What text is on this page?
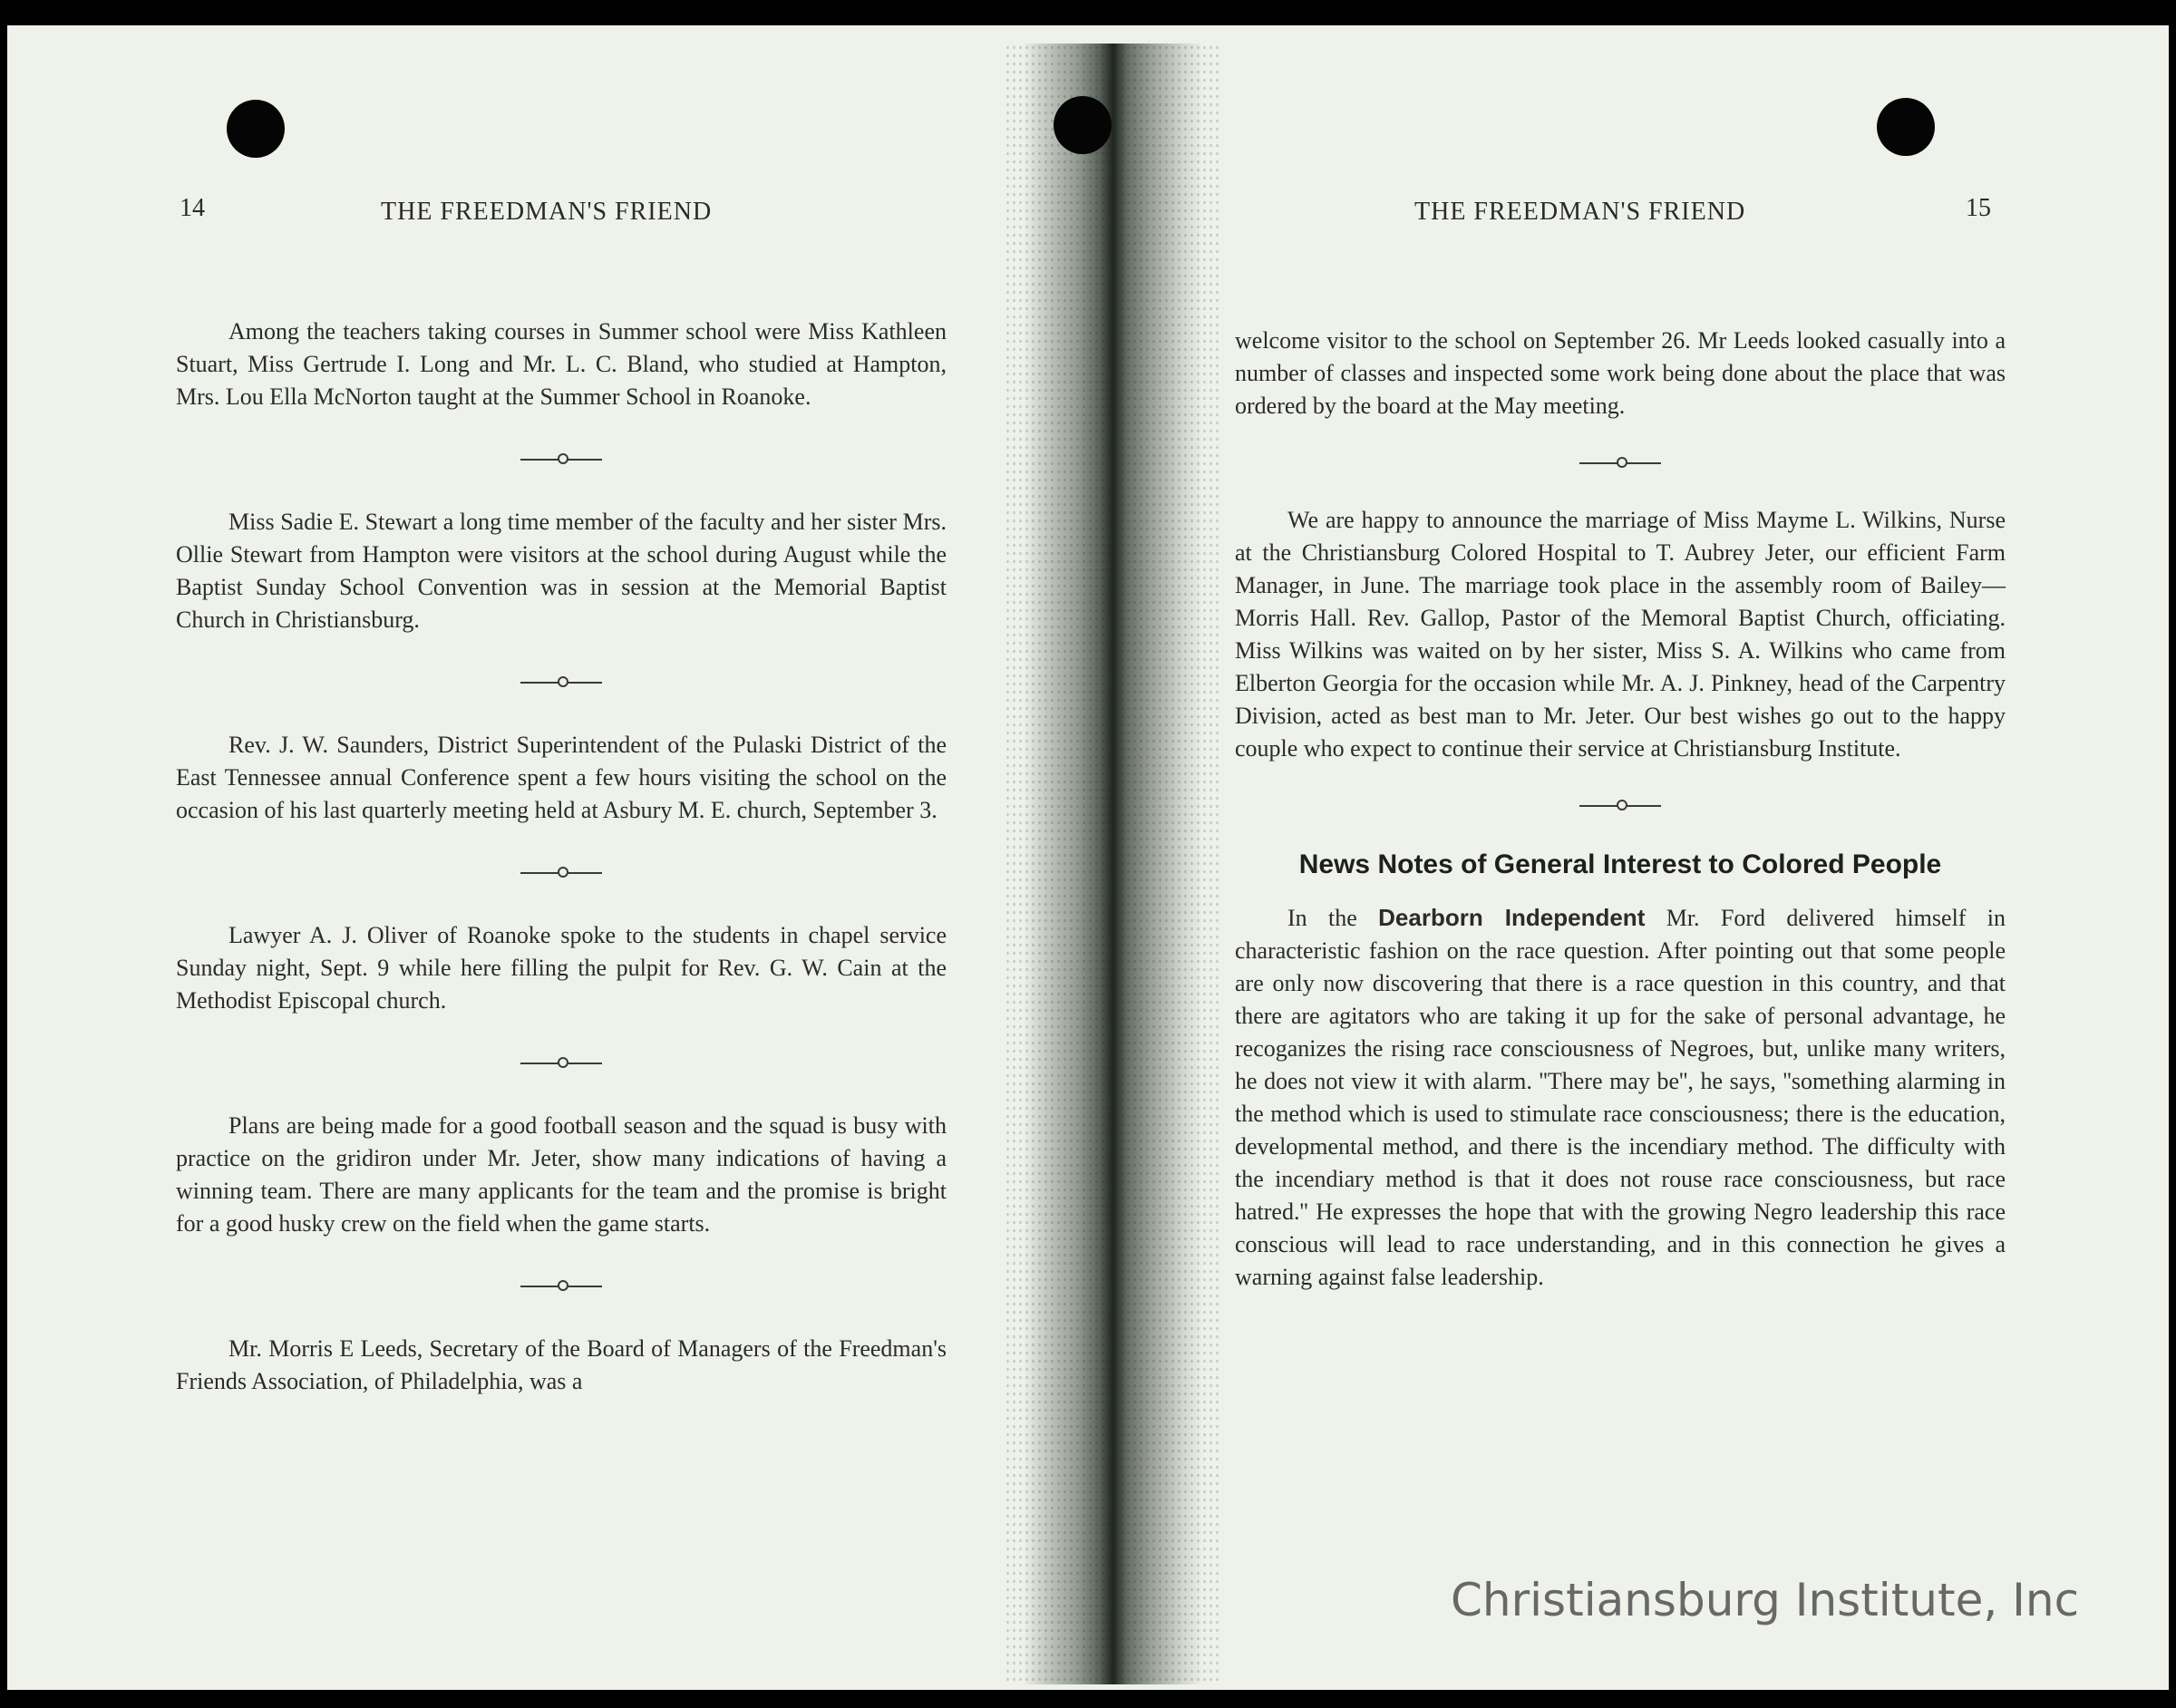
14	THE FREEDMAN'S FRIEND

Among the teachers taking courses in Summer school were Miss Kathleen Stuart, Miss Gertrude I. Long and Mr. L. C. Bland, who studied at Hampton, Mrs. Lou Ella McNorton taught at the Summer School in Roanoke.

Miss Sadie E. Stewart a long time member of the faculty and her sister Mrs. Ollie Stewart from Hampton were visitors at the school during August while the Baptist Sunday School Convention was in session at the Memorial Baptist Church in Christiansburg.

Rev. J. W. Saunders, District Superintendent of the Pulaski District of the East Tennessee annual Conference spent a few hours visiting the school on the occasion of his last quarterly meeting held at Asbury M. E. church, September 3.

Lawyer A. J. Oliver of Roanoke spoke to the students in chapel service Sunday night, Sept. 9 while here filling the pulpit for Rev. G. W. Cain at the Methodist Episcopal church.

Plans are being made for a good football season and the squad is busy with practice on the gridiron under Mr. Jeter, show many indications of having a winning team. There are many applicants for the team and the promise is bright for a good husky crew on the field when the game starts.

Mr. Morris E Leeds, Secretary of the Board of Managers of the Freedman's Friends Association, of Philadelphia, was a

THE FREEDMAN'S FRIEND	15

welcome visitor to the school on September 26. Mr Leeds looked casually into a number of classes and inspected some work being done about the place that was ordered by the board at the May meeting.

We are happy to announce the marriage of Miss Mayme L. Wilkins, Nurse at the Christiansburg Colored Hospital to T. Aubrey Jeter, our efficient Farm Manager, in June. The marriage took place in the assembly room of Bailey—Morris Hall. Rev. Gallop, Pastor of the Memoral Baptist Church, officiating. Miss Wilkins was waited on by her sister, Miss S. A. Wilkins who came from Elberton Georgia for the occasion while Mr. A. J. Pinkney, head of the Carpentry Division, acted as best man to Mr. Jeter. Our best wishes go out to the happy couple who expect to continue their service at Christiansburg Institute.

News Notes of General Interest to Colored People

In the Dearborn Independent Mr. Ford delivered himself in characteristic fashion on the race question. After pointing out that some people are only now discovering that there is a race question in this country, and that there are agitators who are taking it up for the sake of personal advantage, he recoganizes the rising race consciousness of Negroes, but, unlike many writers, he does not view it with alarm. ''There may be'', he says, ''something alarming in the method which is used to stimulate race consciousness; there is the education, developmental method, and there is the incendiary method. The difficulty with the incendiary method is that it does not rouse race consciousness, but race hatred.'' He expresses the hope that with the growing Negro leadership this race conscious will lead to race understanding, and in this connection he gives a warning against false leadership.

Christiansburg Institute, Inc
